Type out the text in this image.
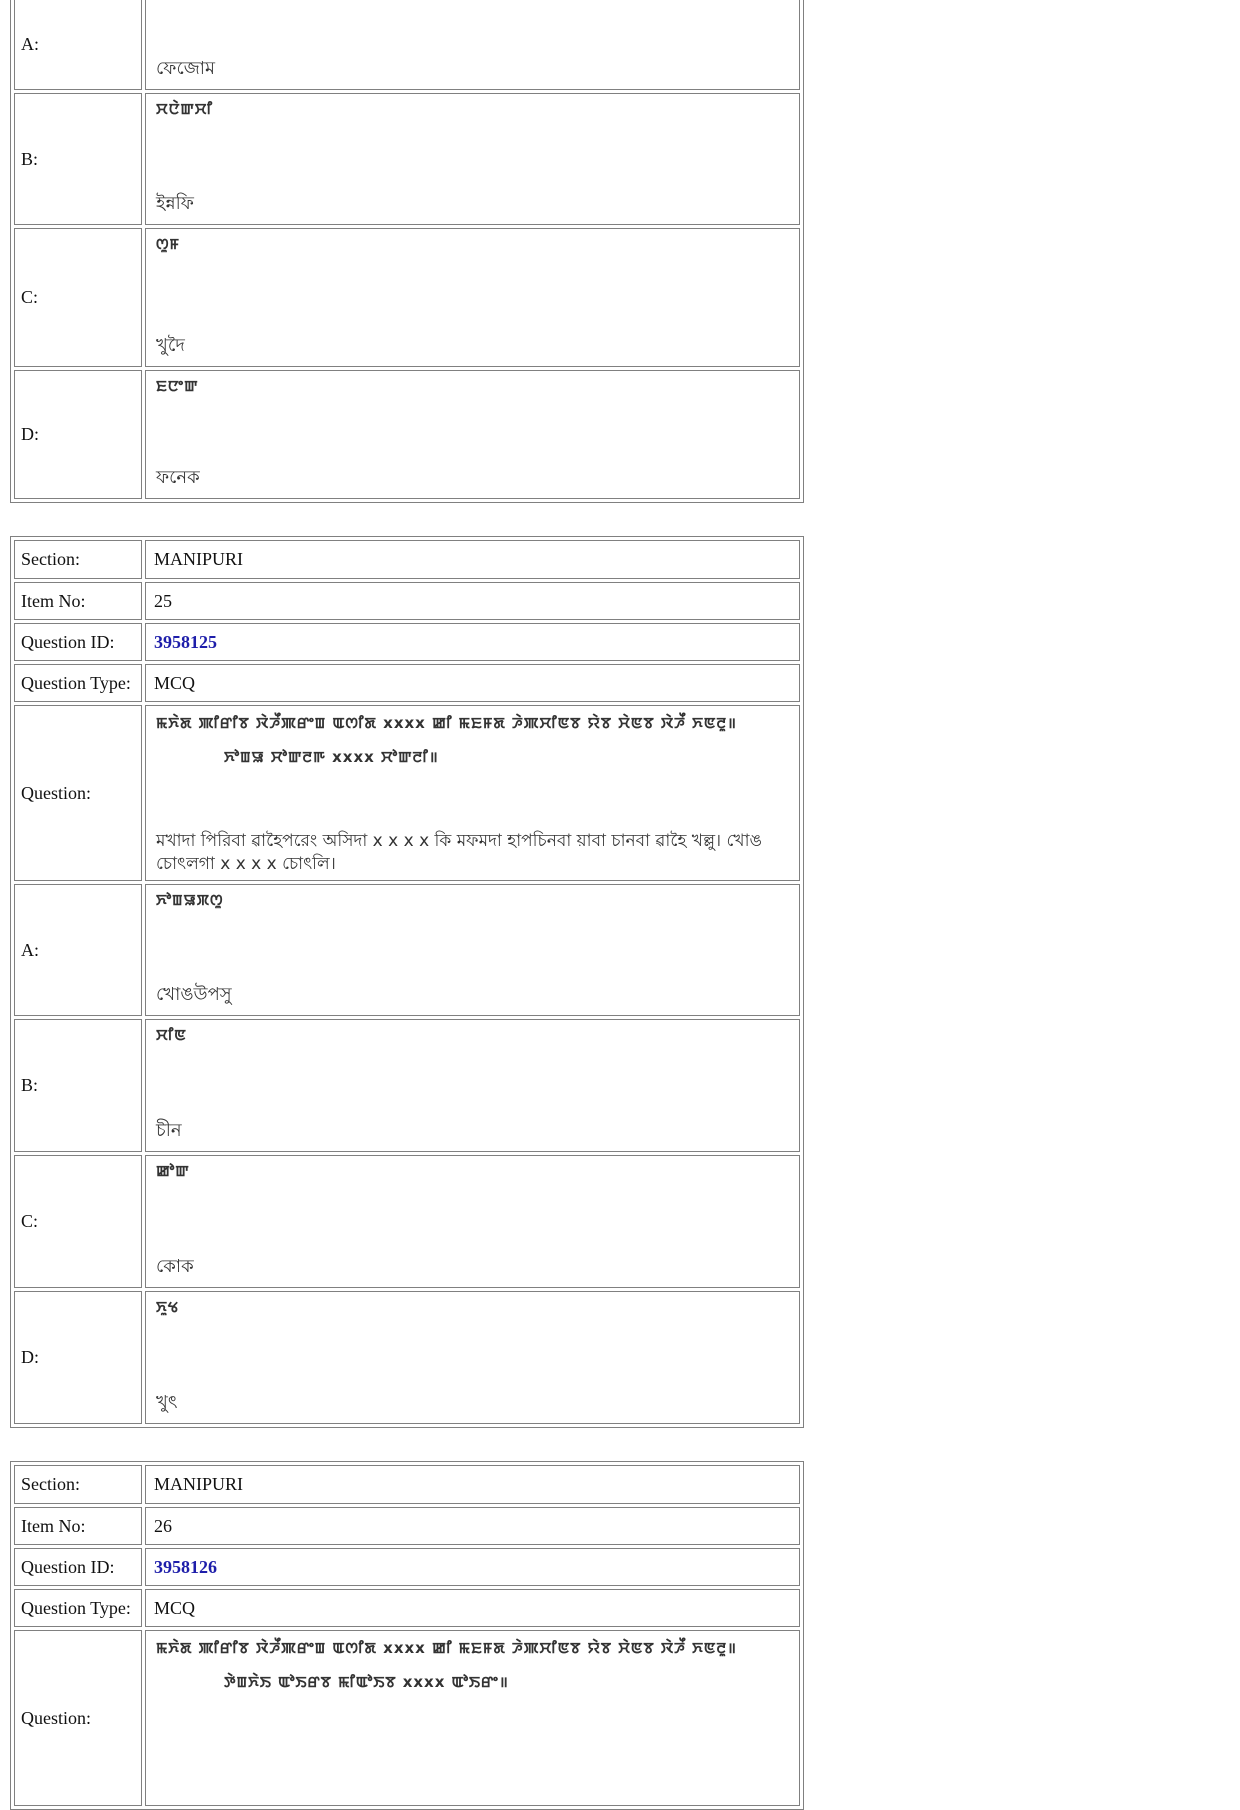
A:	ফেজোম

B:	ꯆꯅꯥꯛꯆꯤ
ইন্নফি

C:	ꯁꯨꯝ
খুদৈ

D:	ꯐꯅꯦꯛ
ফনেক
Section:	MANIPURI
Item No:	25
Question ID:	3958125
Question Type:	MCQ
Question:	ꯃꯈꯥꯗ ꯄꯤꯔꯤꯕ ꯋꯥꯍꯩꯄꯔꯦꯡ ꯑꯁꯤꯗ xxxx ꯀꯤ ꯃꯐꯝꯗ ꯍꯥꯄꯆꯤꯟꯕ ꯌꯥꯕ ꯆꯥꯟꯕ ꯋꯥꯍꯩ ꯈꯟꯂꯨ॥
ꯈꯣꯡꯎ ꯆꯣꯛꯂꯒ xxxx ꯆꯣꯛꯂꯤ॥
মখাদা পিরিবা ৱাহৈপরেং অসিদা x x x x কি মফমদা হাপচিনবা য়াবা চানবা ৱাহৈ খল্লু। খোঙ চোৎলগা x x x x চোৎলি।

A:	ꯈꯣꯡꯎꯞꯁꯨ
খোঙউপসু

B:	ꯆꯤꯟ
চীন

C:	ꯀꯣꯛ
কোক

D:	ꯈꯨꯠ
খুৎ
Section:	MANIPURI
Item No:	26
Question ID:	3958126
Question Type:	MCQ
Question:	ꯃꯈꯥꯗ ꯄꯤꯔꯤꯕ ꯋꯥꯍꯩꯄꯔꯦꯡ ꯑꯁꯤꯗ xxxx ꯀꯤ ꯃꯐꯝꯗ ꯍꯥꯄꯆꯤꯟꯕ ꯌꯥꯕ ꯆꯥꯟꯕ ꯋꯥꯍꯩ ꯈꯟꯂꯨ॥
ꯇꯥꯡꯈꯥꯏ ꯑꯣꯏꯔꯕ ꯃꯤꯑꯣꯏꯕ xxxx ꯑꯣꯏꯔꯦ॥
